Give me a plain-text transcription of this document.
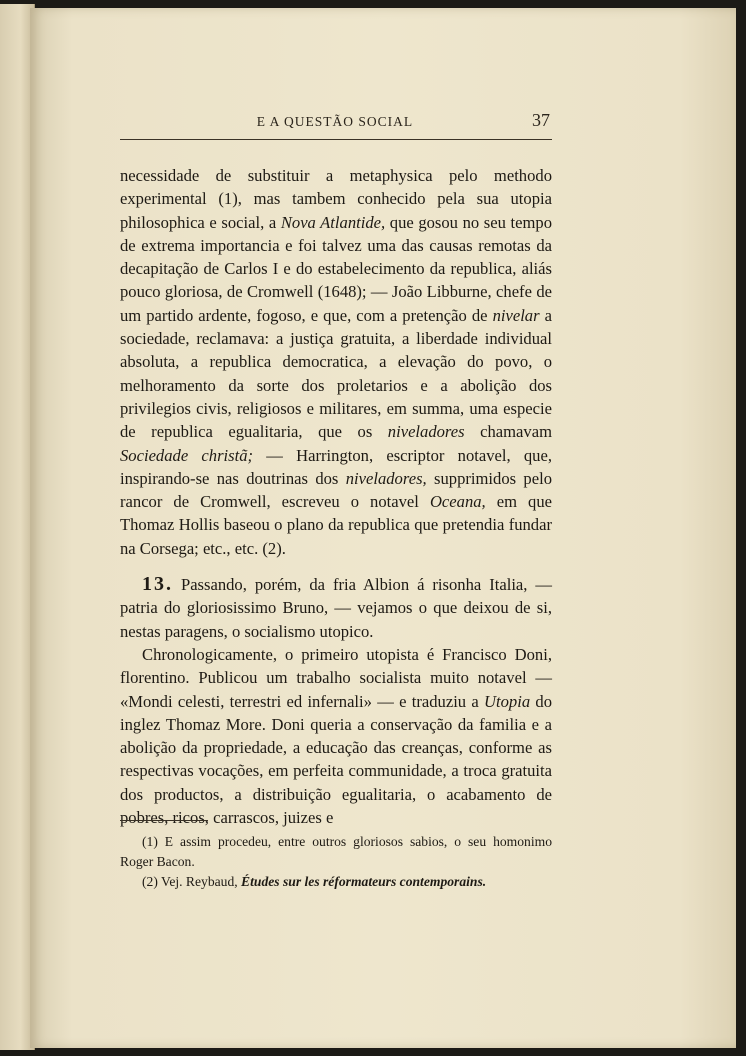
E A QUESTÃO SOCIAL	37

necessidade de substituir a metaphysica pelo methodo experimental (1), mas tambem conhecido pela sua utopia philosophica e social, a Nova Atlantide, que gosou no seu tempo de extrema importancia e foi talvez uma das causas remotas da decapitação de Carlos I e do estabelecimento da republica, aliás pouco gloriosa, de Cromwell (1648); — João Libburne, chefe de um partido ardente, fogoso, e que, com a pretenção de nivelar a sociedade, reclamava: a justiça gratuita, a liberdade individual absoluta, a republica democratica, a elevação do povo, o melhoramento da sorte dos proletarios e a abolição dos privilegios civis, religiosos e militares, em summa, uma especie de republica egualitaria, que os niveladores chamavam Sociedade christã; — Harrington, escriptor notavel, que, inspirando-se nas doutrinas dos niveladores, supprimidos pelo rancor de Cromwell, escreveu o notavel Oceana, em que Thomaz Hollis baseou o plano da republica que pretendia fundar na Corsega; etc., etc. (2).

13. Passando, porém, da fria Albion á risonha Italia, — patria do gloriosissimo Bruno, — vejamos o que deixou de si, nestas paragens, o socialismo utopico.

Chronologicamente, o primeiro utopista é Francisco Doni, florentino. Publicou um trabalho socialista muito notavel — «Mondi celesti, terrestri ed infernali» — e traduziu a Utopia do inglez Thomaz More. Doni queria a conservação da familia e a abolição da propriedade, a educação das creanças, conforme as respectivas vocações, em perfeita communidade, a troca gratuita dos productos, a distribuição egualitaria, o acabamento de pobres, ricos, carrascos, juizes e

(1) E assim procedeu, entre outros gloriosos sabios, o seu homonimo Roger Bacon.

(2) Vej. Reybaud, Études sur les réformateurs contemporains.
